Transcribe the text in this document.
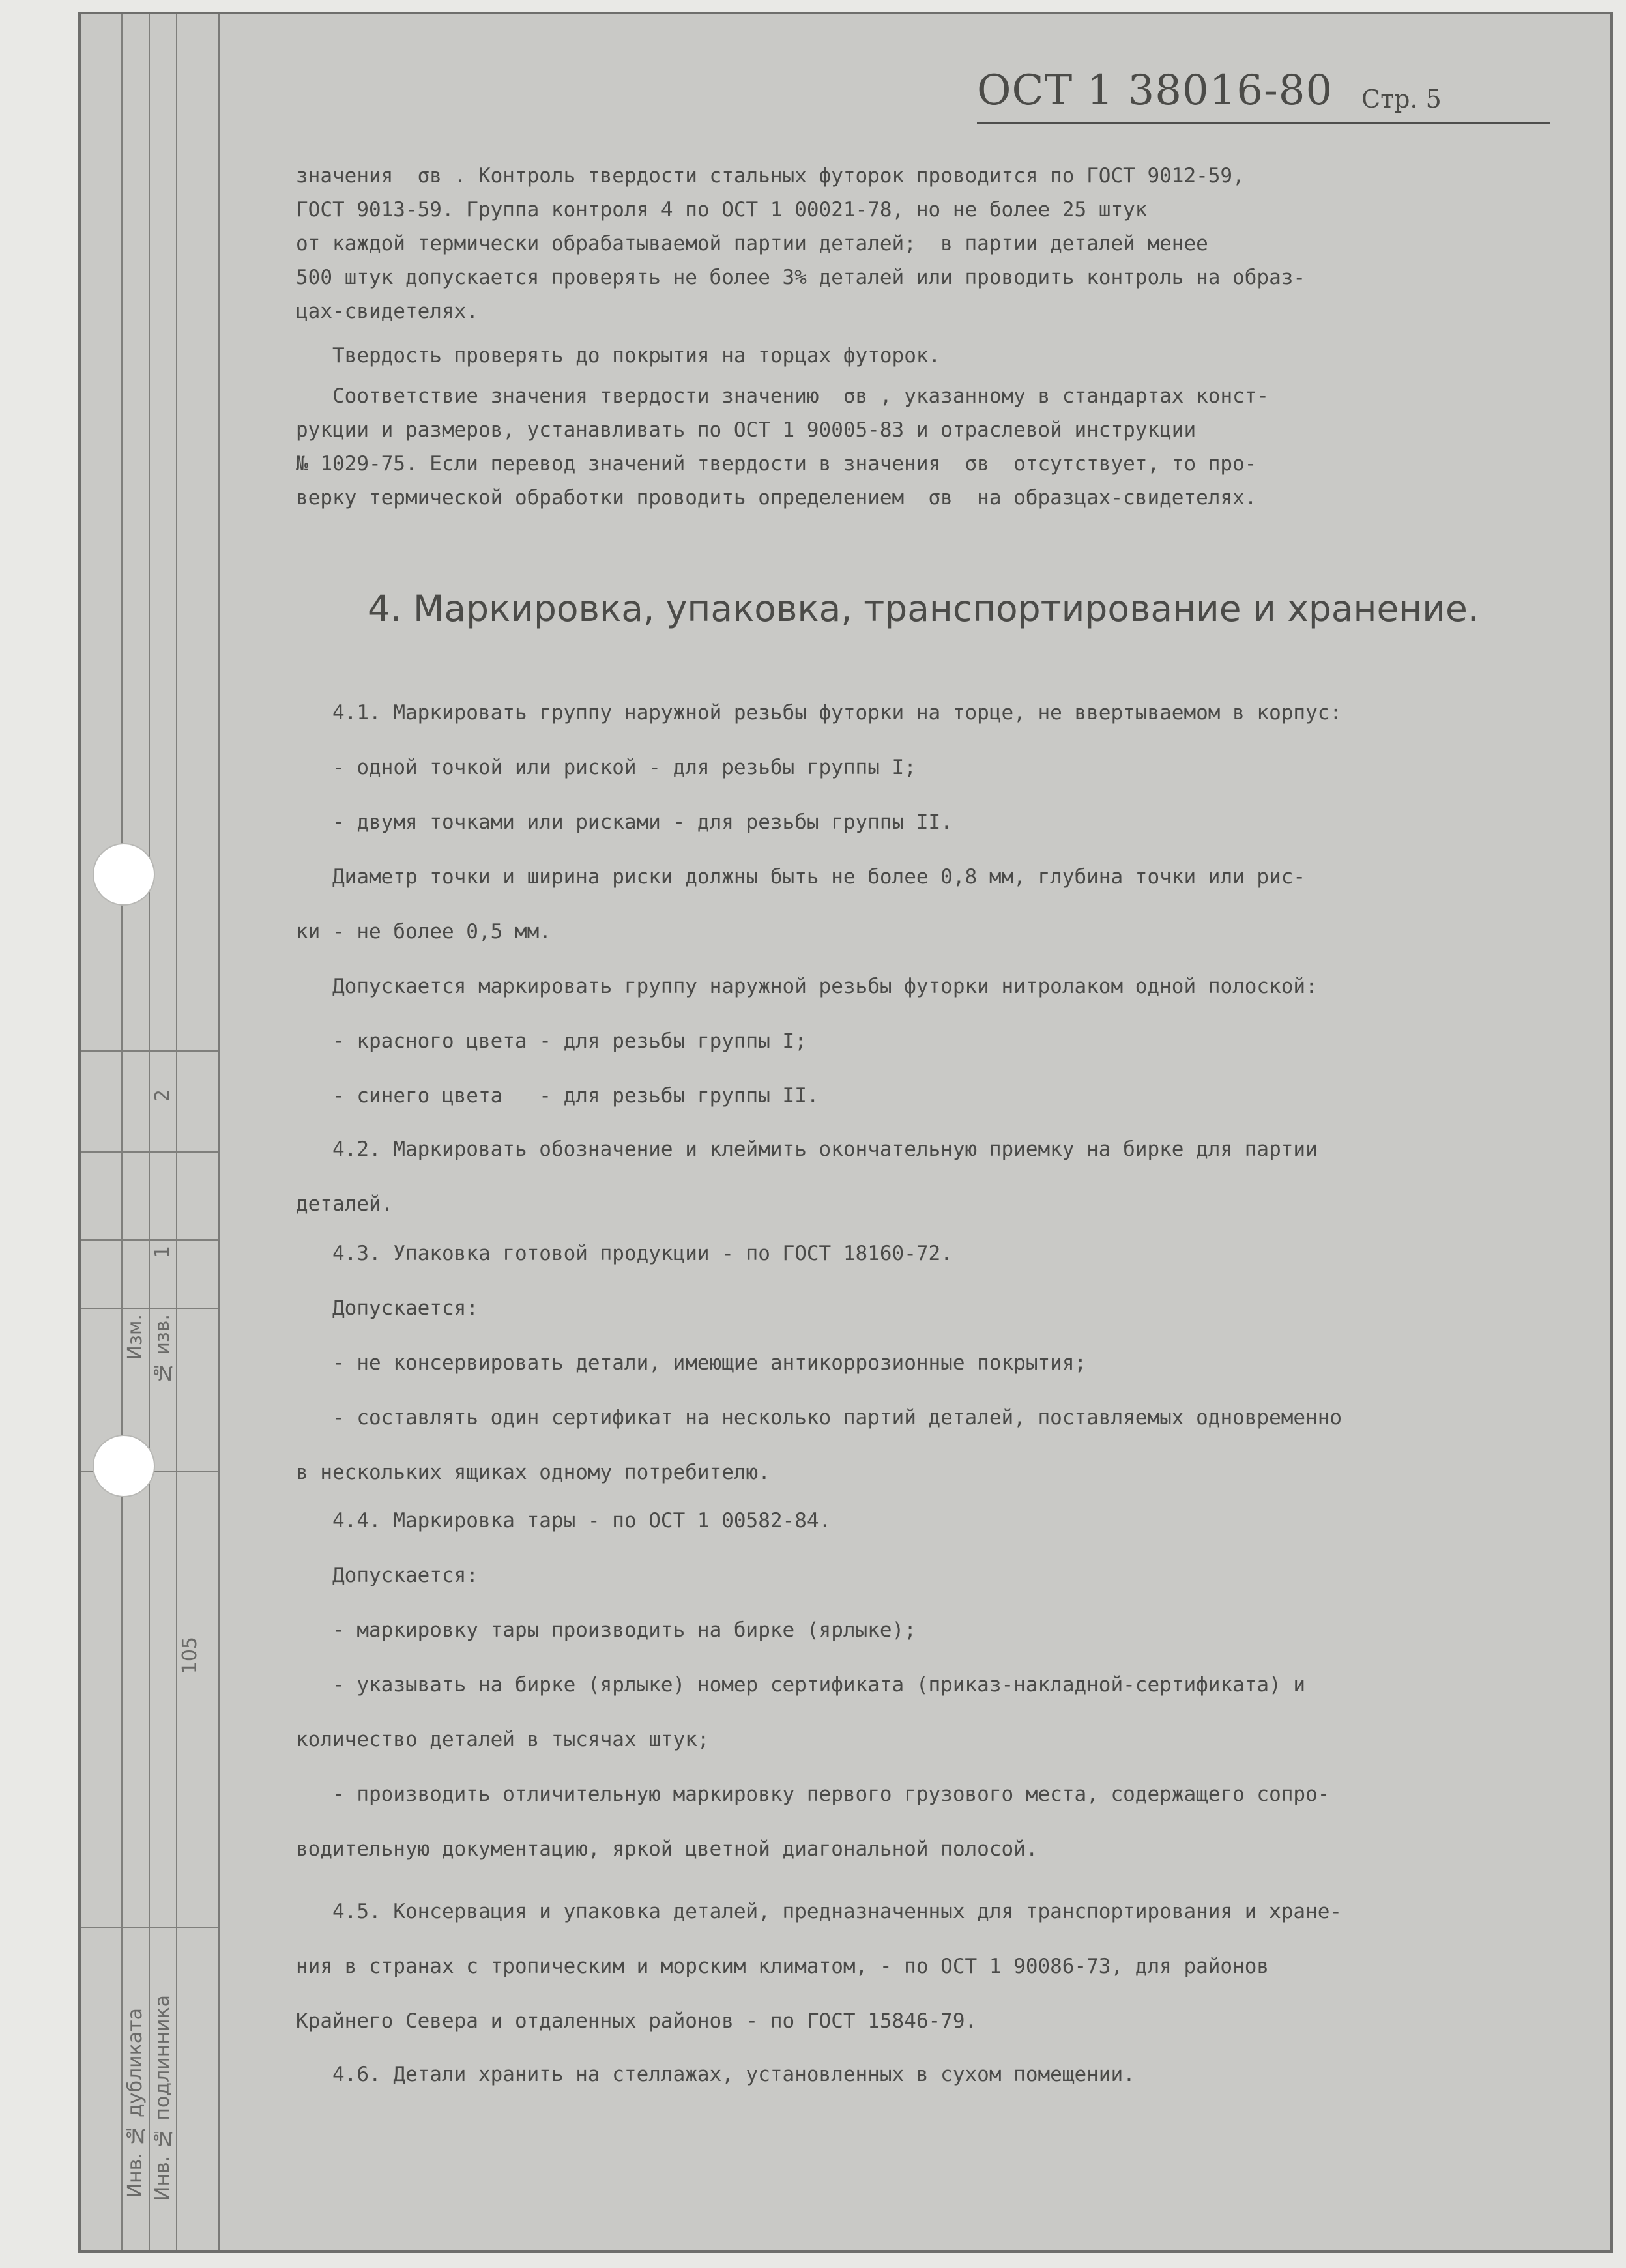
Инв. № дубликата Инв. № подлинника
Изм. № изв.
1
2
105
ОСТ 1 38016-80 Стр. 5

значения  σв . Контроль твердости стальных футорок проводится по ГОСТ 9012-59,
ГОСТ 9013-59. Группа контроля 4 по ОСТ 1 00021-78, но не более 25 штук
от каждой термически обрабатываемой партии деталей;  в партии деталей менее
500 штук допускается проверять не более 3% деталей или проводить контроль на образ-
цах-свидетелях.

Твердость проверять до покрытия на торцах футорок.

Соответствие значения твердости значению  σв , указанному в стандартах конст-
рукции и размеров, устанавливать по ОСТ 1 90005-83 и отраслевой инструкции
№ 1029-75. Если перевод значений твердости в значения  σв  отсутствует, то про-
верку термической обработки проводить определением  σв  на образцах-свидетелях.

4. Маркировка, упаковка, транспортирование и хранение.

4.1. Маркировать группу наружной резьбы футорки на торце, не ввертываемом в корпус:
- одной точкой или риской - для резьбы группы I;
- двумя точками или рисками - для резьбы группы II.
Диаметр точки и ширина риски должны быть не более 0,8 мм, глубина точки или рис-
ки - не более 0,5 мм.
Допускается маркировать группу наружной резьбы футорки нитролаком одной полоской:
- красного цвета - для резьбы группы I;
- синего цвета   - для резьбы группы II.

4.2. Маркировать обозначение и клеймить окончательную приемку на бирке для партии
деталей.

4.3. Упаковка готовой продукции - по ГОСТ 18160-72.
Допускается:
- не консервировать детали, имеющие антикоррозионные покрытия;
- составлять один сертификат на несколько партий деталей, поставляемых одновременно
в нескольких ящиках одному потребителю.

4.4. Маркировка тары - по ОСТ 1 00582-84.
Допускается:
- маркировку тары производить на бирке (ярлыке);
- указывать на бирке (ярлыке) номер сертификата (приказ-накладной-сертификата) и
количество деталей в тысячах штук;
- производить отличительную маркировку первого грузового места, содержащего сопро-
водительную документацию, яркой цветной диагональной полосой.

4.5. Консервация и упаковка деталей, предназначенных для транспортирования и хране-
ния в странах с тропическим и морским климатом, - по ОСТ 1 90086-73, для районов
Крайнего Севера и отдаленных районов - по ГОСТ 15846-79.

4.6. Детали хранить на стеллажах, установленных в сухом помещении.
